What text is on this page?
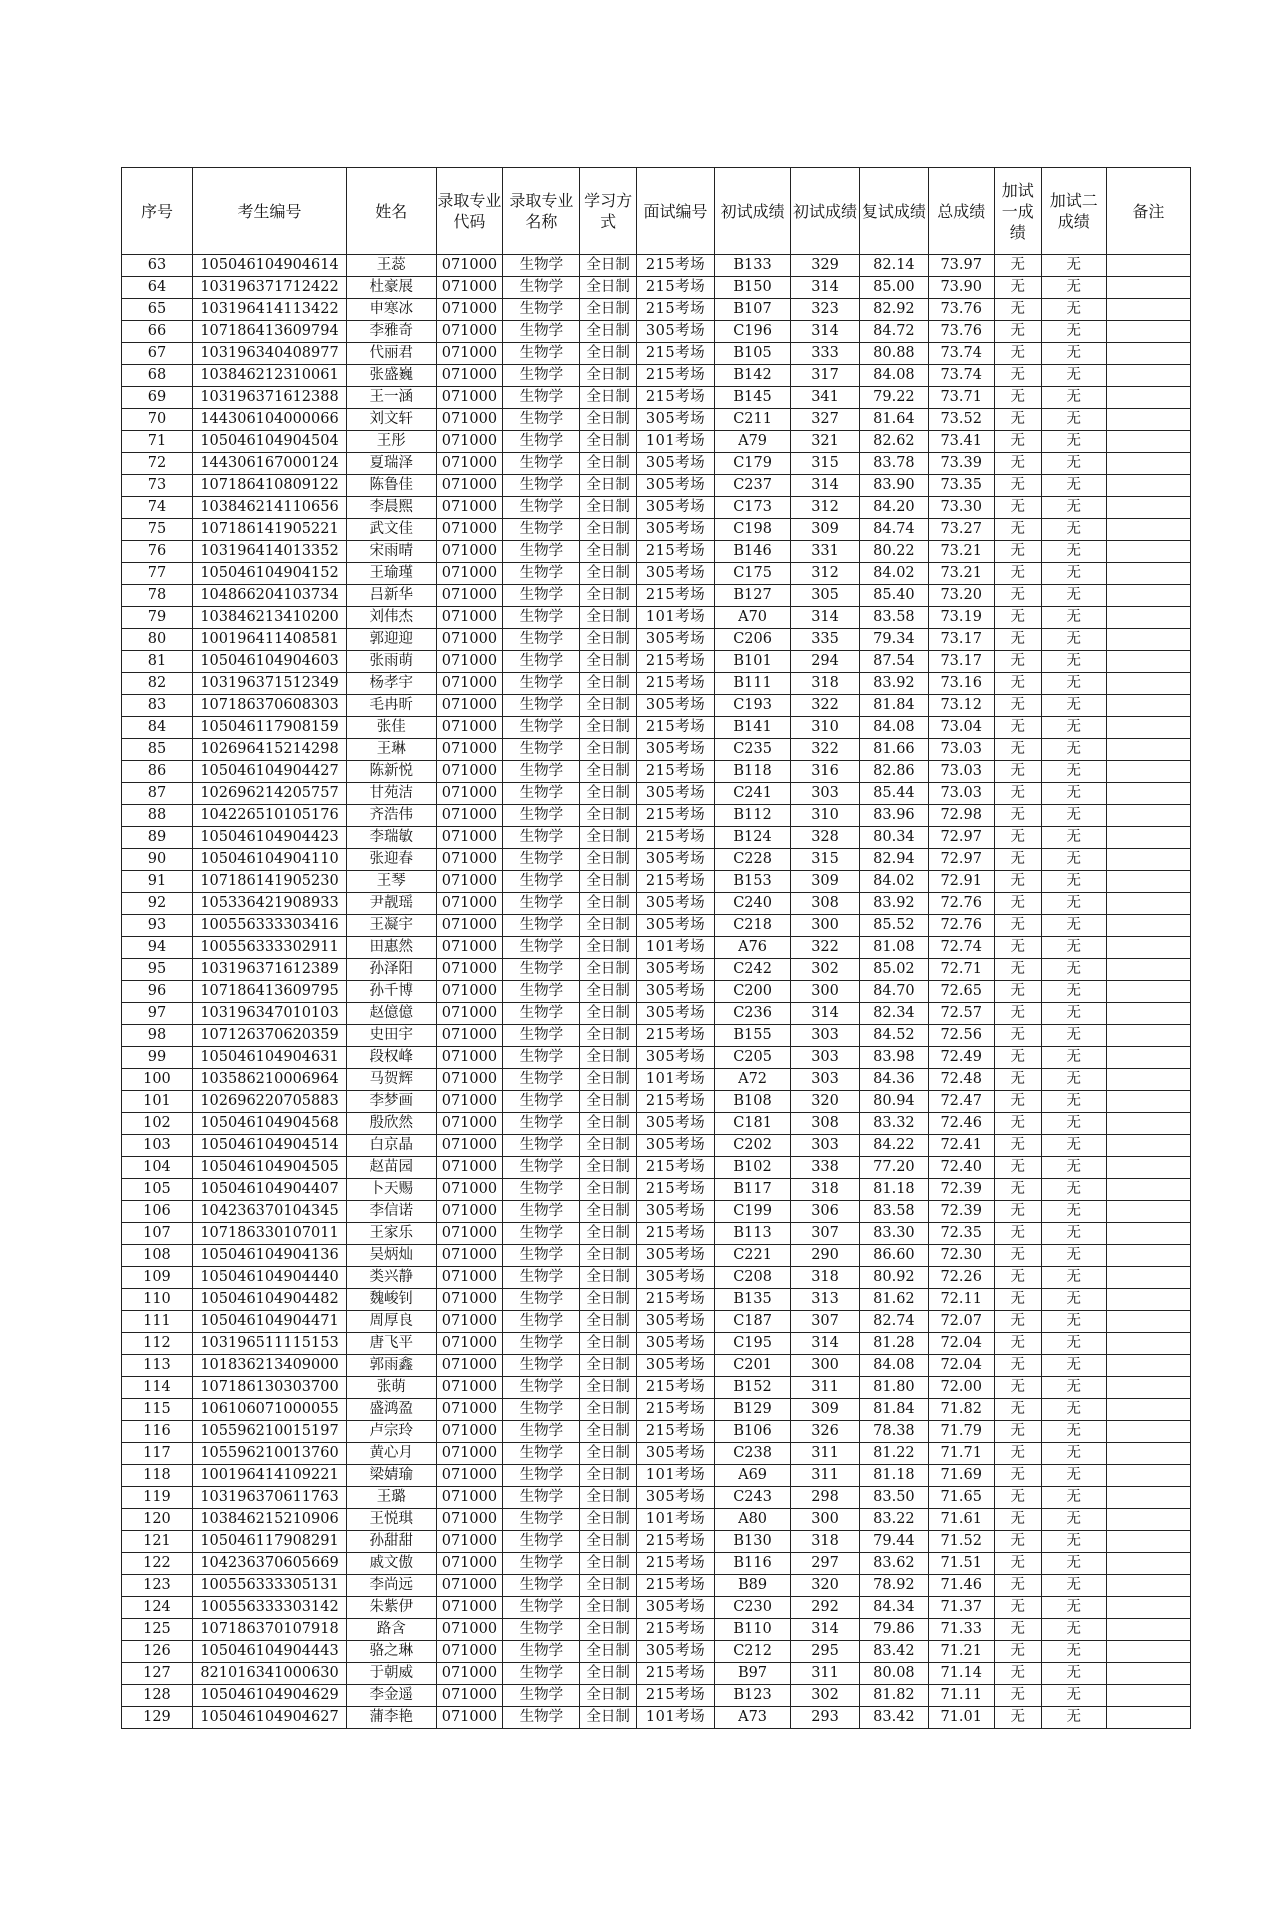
序号	考生编号	姓名	录取专业代码	录取专业名称	学习方式	面试编号	初试成绩	初试成绩	复试成绩	总成绩	加试一成绩	加试二成绩	备注
63	105046104904614	王蕊	071000	生物学	全日制	215考场	B133	329	82.14	73.97	无	无	
64	103196371712422	杜豪展	071000	生物学	全日制	215考场	B150	314	85.00	73.90	无	无	
65	103196414113422	申寒冰	071000	生物学	全日制	215考场	B107	323	82.92	73.76	无	无	
66	107186413609794	李雅奇	071000	生物学	全日制	305考场	C196	314	84.72	73.76	无	无	
67	103196340408977	代丽君	071000	生物学	全日制	215考场	B105	333	80.88	73.74	无	无	
68	103846212310061	张盛巍	071000	生物学	全日制	215考场	B142	317	84.08	73.74	无	无	
69	103196371612388	王一涵	071000	生物学	全日制	215考场	B145	341	79.22	73.71	无	无	
70	144306104000066	刘文轩	071000	生物学	全日制	305考场	C211	327	81.64	73.52	无	无	
71	105046104904504	王彤	071000	生物学	全日制	101考场	A79	321	82.62	73.41	无	无	
72	144306167000124	夏瑞泽	071000	生物学	全日制	305考场	C179	315	83.78	73.39	无	无	
73	107186410809122	陈鲁佳	071000	生物学	全日制	305考场	C237	314	83.90	73.35	无	无	
74	103846214110656	李晨熙	071000	生物学	全日制	305考场	C173	312	84.20	73.30	无	无	
75	107186141905221	武文佳	071000	生物学	全日制	305考场	C198	309	84.74	73.27	无	无	
76	103196414013352	宋雨晴	071000	生物学	全日制	215考场	B146	331	80.22	73.21	无	无	
77	105046104904152	王瑜瑾	071000	生物学	全日制	305考场	C175	312	84.02	73.21	无	无	
78	104866204103734	吕新华	071000	生物学	全日制	215考场	B127	305	85.40	73.20	无	无	
79	103846213410200	刘伟杰	071000	生物学	全日制	101考场	A70	314	83.58	73.19	无	无	
80	100196411408581	郭迎迎	071000	生物学	全日制	305考场	C206	335	79.34	73.17	无	无	
81	105046104904603	张雨萌	071000	生物学	全日制	215考场	B101	294	87.54	73.17	无	无	
82	103196371512349	杨孝宇	071000	生物学	全日制	215考场	B111	318	83.92	73.16	无	无	
83	107186370608303	毛冉昕	071000	生物学	全日制	305考场	C193	322	81.84	73.12	无	无	
84	105046117908159	张佳	071000	生物学	全日制	215考场	B141	310	84.08	73.04	无	无	
85	102696415214298	王琳	071000	生物学	全日制	305考场	C235	322	81.66	73.03	无	无	
86	105046104904427	陈新悦	071000	生物学	全日制	215考场	B118	316	82.86	73.03	无	无	
87	102696214205757	甘苑洁	071000	生物学	全日制	305考场	C241	303	85.44	73.03	无	无	
88	104226510105176	齐浩伟	071000	生物学	全日制	215考场	B112	310	83.96	72.98	无	无	
89	105046104904423	李瑞敏	071000	生物学	全日制	215考场	B124	328	80.34	72.97	无	无	
90	105046104904110	张迎春	071000	生物学	全日制	305考场	C228	315	82.94	72.97	无	无	
91	107186141905230	王琴	071000	生物学	全日制	215考场	B153	309	84.02	72.91	无	无	
92	105336421908933	尹靓瑶	071000	生物学	全日制	305考场	C240	308	83.92	72.76	无	无	
93	100556333303416	王凝宇	071000	生物学	全日制	305考场	C218	300	85.52	72.76	无	无	
94	100556333302911	田惠然	071000	生物学	全日制	101考场	A76	322	81.08	72.74	无	无	
95	103196371612389	孙泽阳	071000	生物学	全日制	305考场	C242	302	85.02	72.71	无	无	
96	107186413609795	孙千博	071000	生物学	全日制	305考场	C200	300	84.70	72.65	无	无	
97	103196347010103	赵億億	071000	生物学	全日制	305考场	C236	314	82.34	72.57	无	无	
98	107126370620359	史田宇	071000	生物学	全日制	215考场	B155	303	84.52	72.56	无	无	
99	105046104904631	段权峰	071000	生物学	全日制	305考场	C205	303	83.98	72.49	无	无	
100	103586210006964	马贺辉	071000	生物学	全日制	101考场	A72	303	84.36	72.48	无	无	
101	102696220705883	李梦画	071000	生物学	全日制	215考场	B108	320	80.94	72.47	无	无	
102	105046104904568	殷欣然	071000	生物学	全日制	305考场	C181	308	83.32	72.46	无	无	
103	105046104904514	白京晶	071000	生物学	全日制	305考场	C202	303	84.22	72.41	无	无	
104	105046104904505	赵苗园	071000	生物学	全日制	215考场	B102	338	77.20	72.40	无	无	
105	105046104904407	卜天赐	071000	生物学	全日制	215考场	B117	318	81.18	72.39	无	无	
106	104236370104345	李信诺	071000	生物学	全日制	305考场	C199	306	83.58	72.39	无	无	
107	107186330107011	王家乐	071000	生物学	全日制	215考场	B113	307	83.30	72.35	无	无	
108	105046104904136	吴炳灿	071000	生物学	全日制	305考场	C221	290	86.60	72.30	无	无	
109	105046104904440	类兴静	071000	生物学	全日制	305考场	C208	318	80.92	72.26	无	无	
110	105046104904482	魏峻钊	071000	生物学	全日制	215考场	B135	313	81.62	72.11	无	无	
111	105046104904471	周厚良	071000	生物学	全日制	305考场	C187	307	82.74	72.07	无	无	
112	103196511115153	唐飞平	071000	生物学	全日制	305考场	C195	314	81.28	72.04	无	无	
113	101836213409000	郭雨鑫	071000	生物学	全日制	305考场	C201	300	84.08	72.04	无	无	
114	107186130303700	张萌	071000	生物学	全日制	215考场	B152	311	81.80	72.00	无	无	
115	106106071000055	盛鸿盈	071000	生物学	全日制	215考场	B129	309	81.84	71.82	无	无	
116	105596210015197	卢宗玲	071000	生物学	全日制	215考场	B106	326	78.38	71.79	无	无	
117	105596210013760	黄心月	071000	生物学	全日制	305考场	C238	311	81.22	71.71	无	无	
118	100196414109221	梁婧瑜	071000	生物学	全日制	101考场	A69	311	81.18	71.69	无	无	
119	103196370611763	王璐	071000	生物学	全日制	305考场	C243	298	83.50	71.65	无	无	
120	103846215210906	王悦琪	071000	生物学	全日制	101考场	A80	300	83.22	71.61	无	无	
121	105046117908291	孙甜甜	071000	生物学	全日制	215考场	B130	318	79.44	71.52	无	无	
122	104236370605669	戚文傲	071000	生物学	全日制	215考场	B116	297	83.62	71.51	无	无	
123	100556333305131	李尚远	071000	生物学	全日制	215考场	B89	320	78.92	71.46	无	无	
124	100556333303142	朱紫伊	071000	生物学	全日制	305考场	C230	292	84.34	71.37	无	无	
125	107186370107918	路含	071000	生物学	全日制	215考场	B110	314	79.86	71.33	无	无	
126	105046104904443	骆之琳	071000	生物学	全日制	305考场	C212	295	83.42	71.21	无	无	
127	821016341000630	于朝威	071000	生物学	全日制	215考场	B97	311	80.08	71.14	无	无	
128	105046104904629	李金遥	071000	生物学	全日制	215考场	B123	302	81.82	71.11	无	无	
129	105046104904627	蒲李艳	071000	生物学	全日制	101考场	A73	293	83.42	71.01	无	无	
